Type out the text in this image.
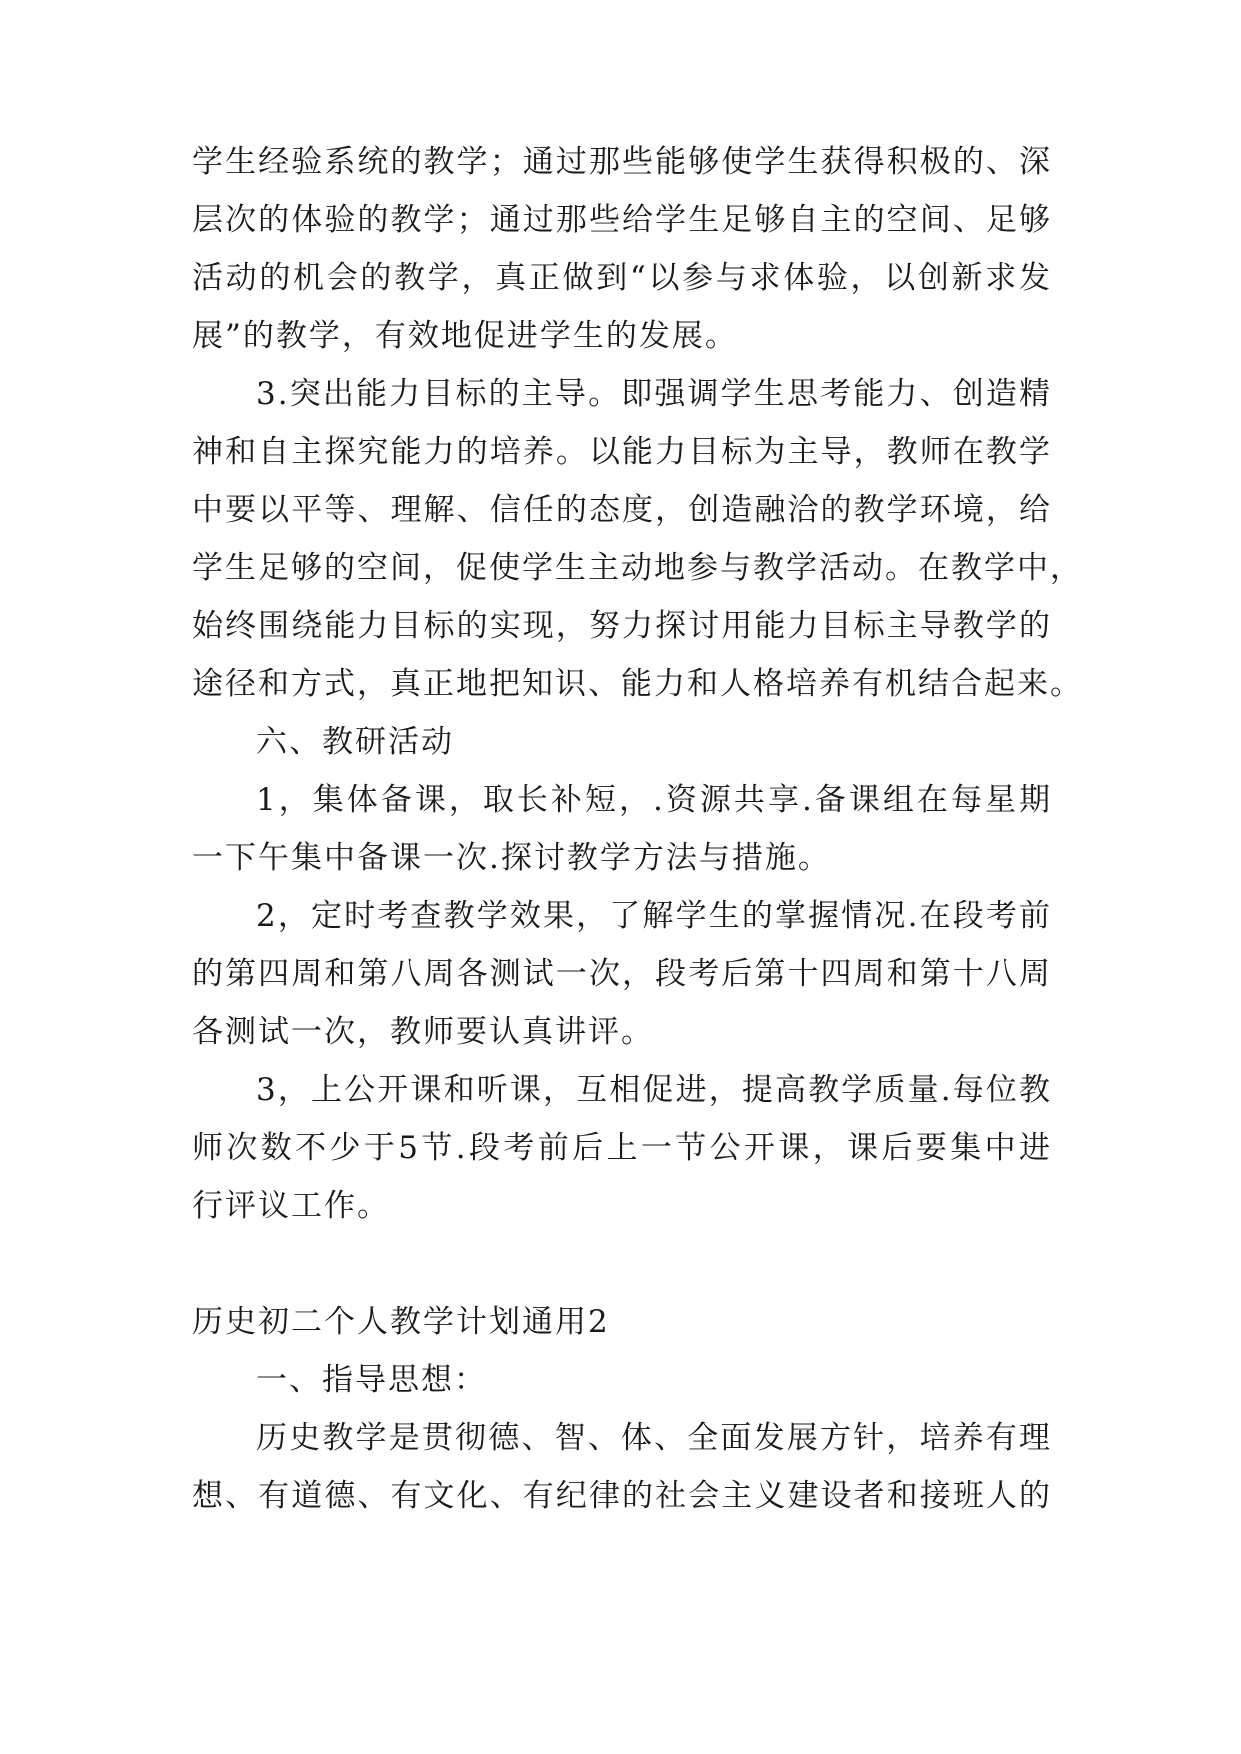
学生经验系统的教学；通过那些能够使学生获得积极的、深
层次的体验的教学；通过那些给学生足够自主的空间、足够
活动的机会的教学，真正做到“以参与求体验，以创新求发
展”的教学，有效地促进学生的发展。
3.突出能力目标的主导。即强调学生思考能力、创造精
神和自主探究能力的培养。以能力目标为主导，教师在教学
中要以平等、理解、信任的态度，创造融洽的教学环境，给
学生足够的空间，促使学生主动地参与教学活动。在教学中，
始终围绕能力目标的实现，努力探讨用能力目标主导教学的
途径和方式，真正地把知识、能力和人格培养有机结合起来。
六、教研活动
1，集体备课，取长补短，.资源共享.备课组在每星期
一下午集中备课一次.探讨教学方法与措施。
2，定时考查教学效果，了解学生的掌握情况.在段考前
的第四周和第八周各测试一次，段考后第十四周和第十八周
各测试一次，教师要认真讲评。
3，上公开课和听课，互相促进，提高教学质量.每位教
师次数不少于5节.段考前后上一节公开课，课后要集中进
行评议工作。
历史初二个人教学计划通用2
一、指导思想：
历史教学是贯彻德、智、体、全面发展方针，培养有理
想、有道德、有文化、有纪律的社会主义建设者和接班人的
